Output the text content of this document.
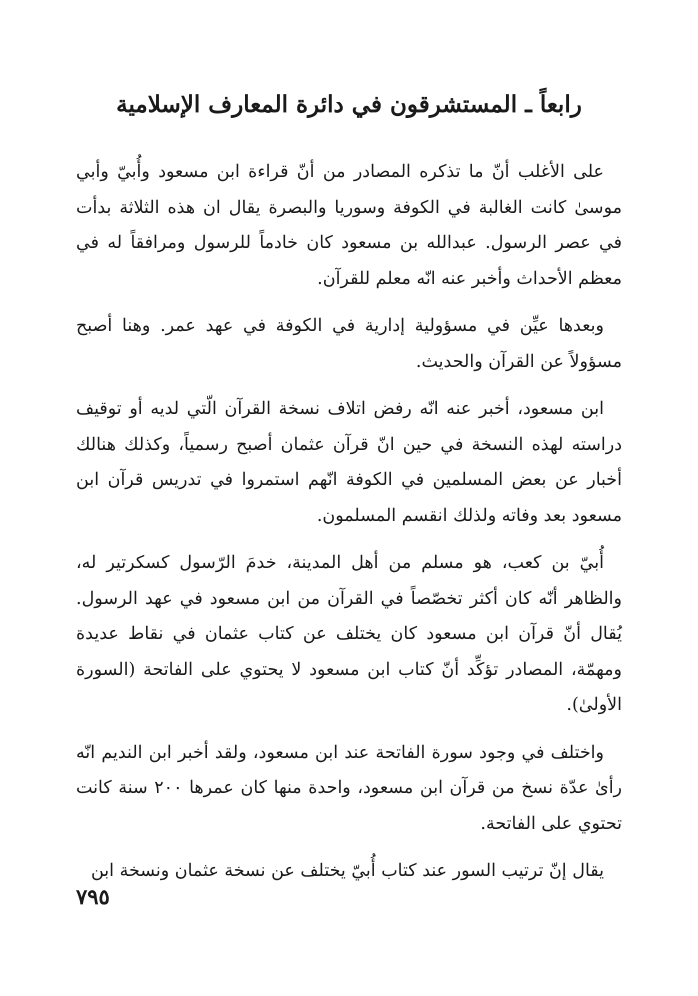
رابعاً ـ المستشرقون في دائرة المعارف الإسلامية

على الأغلب أنّ ما تذكره المصادر من أنّ قراءة ابن مسعود وأُبيّ وأبي موسىٰ كانت الغالبة في الكوفة وسوريا والبصرة يقال ان هذه الثلاثة بدأت في عصر الرسول. عبدالله بن مسعود كان خادماً للرسول ومرافقاً له في معظم الأحداث وأخبر عنه انّه معلم للقرآن.

وبعدها عيِّن في مسؤولية إدارية في الكوفة في عهد عمر. وهنا أصبح مسؤولاً عن القرآن والحديث.

ابن مسعود، أخبر عنه انّه رفض اتلاف نسخة القرآن الّتي لديه أو توقيف دراسته لهذه النسخة في حين انّ قرآن عثمان أصبح رسمياً، وكذلك هنالك أخبار عن بعض المسلمين في الكوفة انّهم استمروا في تدريس قرآن ابن مسعود بعد وفاته ولذلك انقسم المسلمون.

أُبيّ بن كعب، هو مسلم من أهل المدينة، خدمَ الرّسول كسكرتير له، والظاهر أنّه كان أكثر تخصّصاً في القرآن من ابن مسعود في عهد الرسول. يُقال أنّ قرآن ابن مسعود كان يختلف عن كتاب عثمان في نقاط عديدة ومهمّة، المصادر تؤكِّد أنّ كتاب ابن مسعود لا يحتوي على الفاتحة (السورة الأولىٰ).

واختلف في وجود سورة الفاتحة عند ابن مسعود، ولقد أخبر ابن النديم انّه رأىٰ عدّة نسخ من قرآن ابن مسعود، واحدة منها كان عمرها ٢٠٠ سنة كانت تحتوي على الفاتحة.

يقال إنّ ترتيب السور عند كتاب أُبيّ يختلف عن نسخة عثمان ونسخة ابن

٧٩٥
